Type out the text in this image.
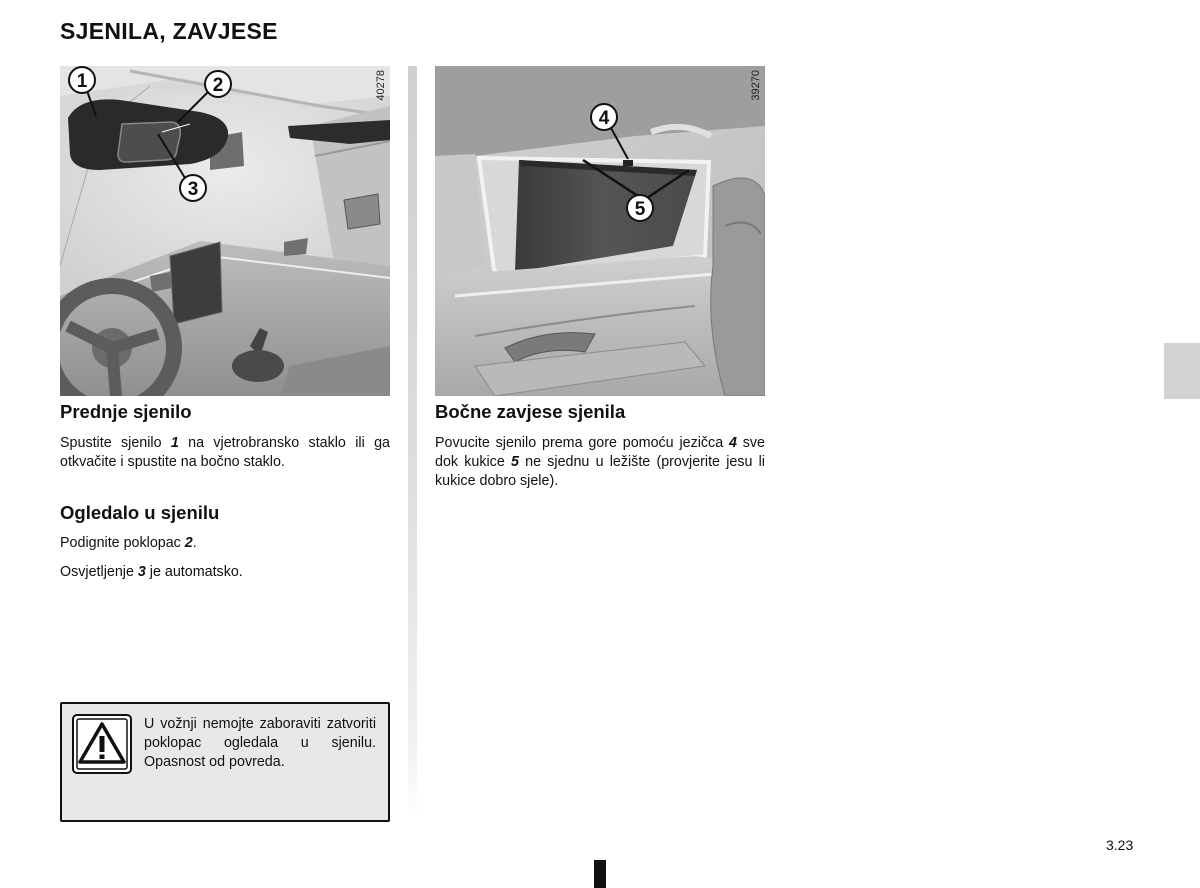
SJENILA, ZAVJESE
1	2
3
40278
4
5
39270
Prednje sjenilo

Spustite sjenilo 1 na vjetrobransko staklo ili ga otkvačite i spustite na bočno staklo.

Ogledalo u sjenilu

Podignite poklopac 2.

Osvjetljenje 3 je automatsko.

U vožnji nemojte zaboraviti zatvoriti poklopac ogledala u sjenilu. Opasnost od povreda.
Bočne zavjese sjenila

Povucite sjenilo prema gore pomoću jezičca 4 sve dok kukice 5 ne sjednu u ležište (provjerite jesu li kukice dobro sjele).

3.23
